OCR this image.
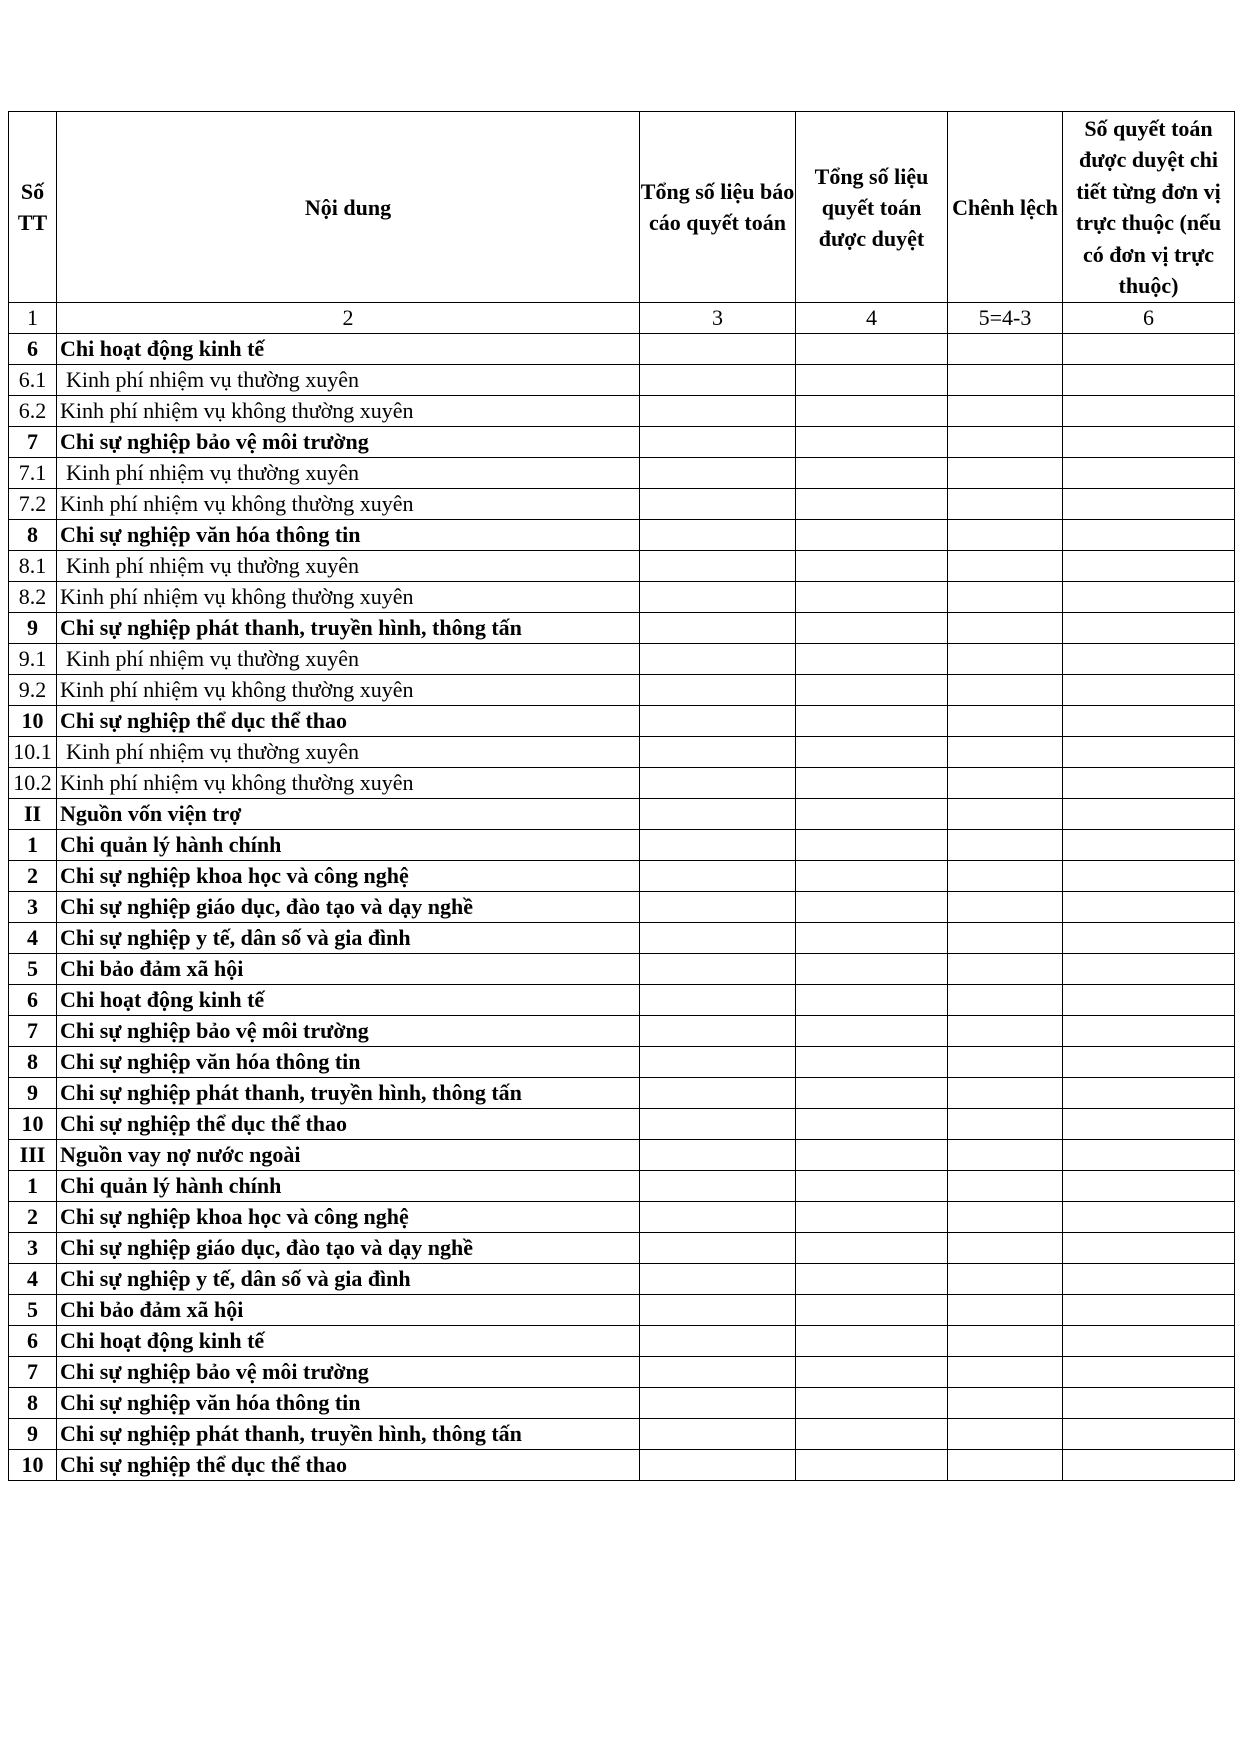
Số TT	Nội dung	Tổng số liệu báo cáo quyết toán	Tổng số liệu quyết toán được duyệt	Chênh lệch	Số quyết toán được duyệt chi tiết từng đơn vị trực thuộc (nếu có đơn vị trực thuộc)
1	2	3	4	5=4-3	6
6	Chi hoạt động kinh tế				
6.1	Kinh phí nhiệm vụ thường xuyên				
6.2	Kinh phí nhiệm vụ không thường xuyên				
7	Chi sự nghiệp bảo vệ môi trường				
7.1	Kinh phí nhiệm vụ thường xuyên				
7.2	Kinh phí nhiệm vụ không thường xuyên				
8	Chi sự nghiệp văn hóa thông tin				
8.1	Kinh phí nhiệm vụ thường xuyên				
8.2	Kinh phí nhiệm vụ không thường xuyên				
9	Chi sự nghiệp phát thanh, truyền hình, thông tấn				
9.1	Kinh phí nhiệm vụ thường xuyên				
9.2	Kinh phí nhiệm vụ không thường xuyên				
10	Chi sự nghiệp thể dục thể thao				
10.1	Kinh phí nhiệm vụ thường xuyên				
10.2	Kinh phí nhiệm vụ không thường xuyên				
II	Nguồn vốn viện trợ				
1	Chi quản lý hành chính				
2	Chi sự nghiệp khoa học và công nghệ				
3	Chi sự nghiệp giáo dục, đào tạo và dạy nghề				
4	Chi sự nghiệp y tế, dân số và gia đình				
5	Chi bảo đảm xã hội				
6	Chi hoạt động kinh tế				
7	Chi sự nghiệp bảo vệ môi trường				
8	Chi sự nghiệp văn hóa thông tin				
9	Chi sự nghiệp phát thanh, truyền hình, thông tấn				
10	Chi sự nghiệp thể dục thể thao				
III	Nguồn vay nợ nước ngoài				
1	Chi quản lý hành chính				
2	Chi sự nghiệp khoa học và công nghệ				
3	Chi sự nghiệp giáo dục, đào tạo và dạy nghề				
4	Chi sự nghiệp y tế, dân số và gia đình				
5	Chi bảo đảm xã hội				
6	Chi hoạt động kinh tế				
7	Chi sự nghiệp bảo vệ môi trường				
8	Chi sự nghiệp văn hóa thông tin				
9	Chi sự nghiệp phát thanh, truyền hình, thông tấn				
10	Chi sự nghiệp thể dục thể thao				
